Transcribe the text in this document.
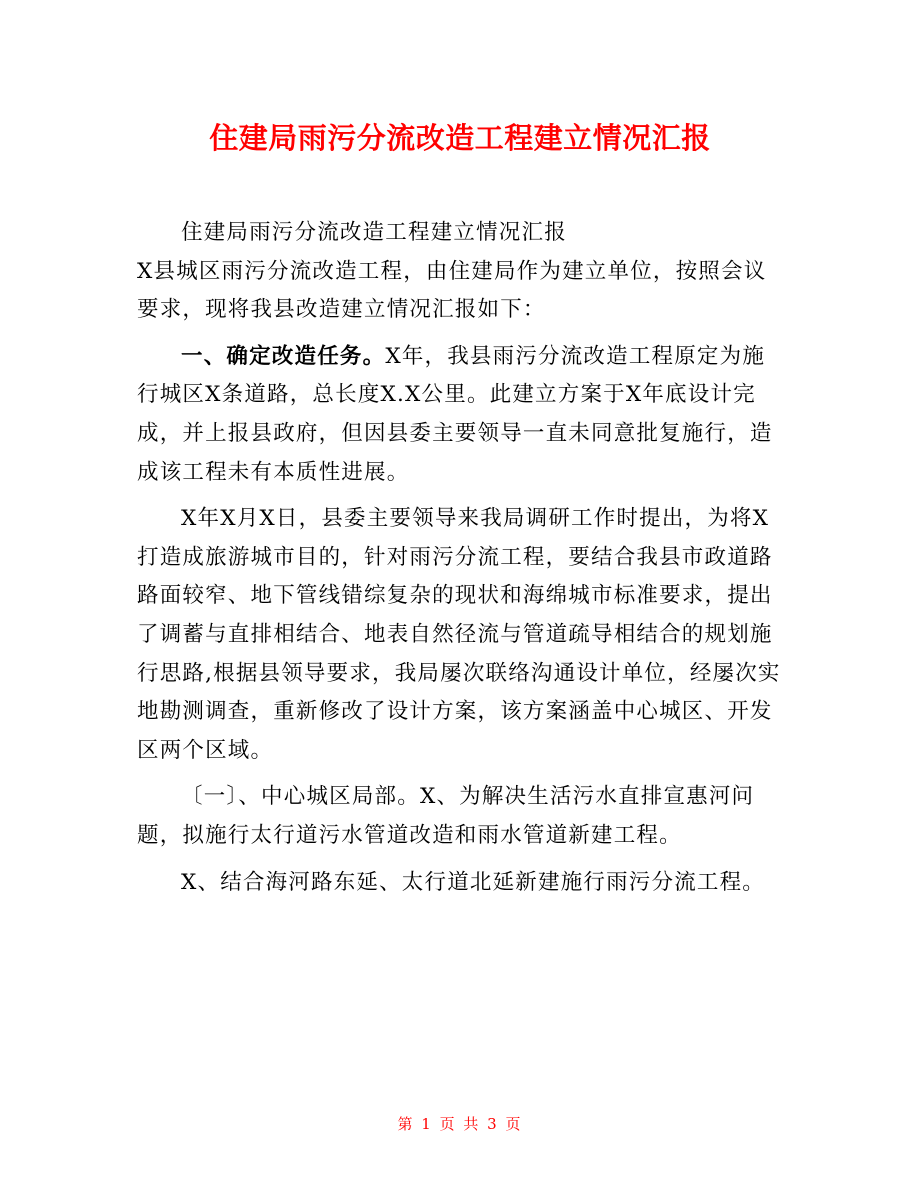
住建局雨污分流改造工程建立情况汇报

住建局雨污分流改造工程建立情况汇报

X县城区雨污分流改造工程，由住建局作为建立单位，按照会议要求，现将我县改造建立情况汇报如下：

一、确定改造任务。X年，我县雨污分流改造工程原定为施行城区X条道路，总长度X.X公里。此建立方案于X年底设计完成，并上报县政府，但因县委主要领导一直未同意批复施行，造成该工程未有本质性进展。

X年X月X日，县委主要领导来我局调研工作时提出，为将X打造成旅游城市目的，针对雨污分流工程，要结合我县市政道路路面较窄、地下管线错综复杂的现状和海绵城市标准要求，提出了调蓄与直排相结合、地表自然径流与管道疏导相结合的规划施行思路,根据县领导要求，我局屡次联络沟通设计单位，经屡次实地勘测调查，重新修改了设计方案，该方案涵盖中心城区、开发区两个区域。

〔一〕、中心城区局部。X、为解决生活污水直排宣惠河问题，拟施行太行道污水管道改造和雨水管道新建工程。

X、结合海河路东延、太行道北延新建施行雨污分流工程。

第 1 页 共 3 页
